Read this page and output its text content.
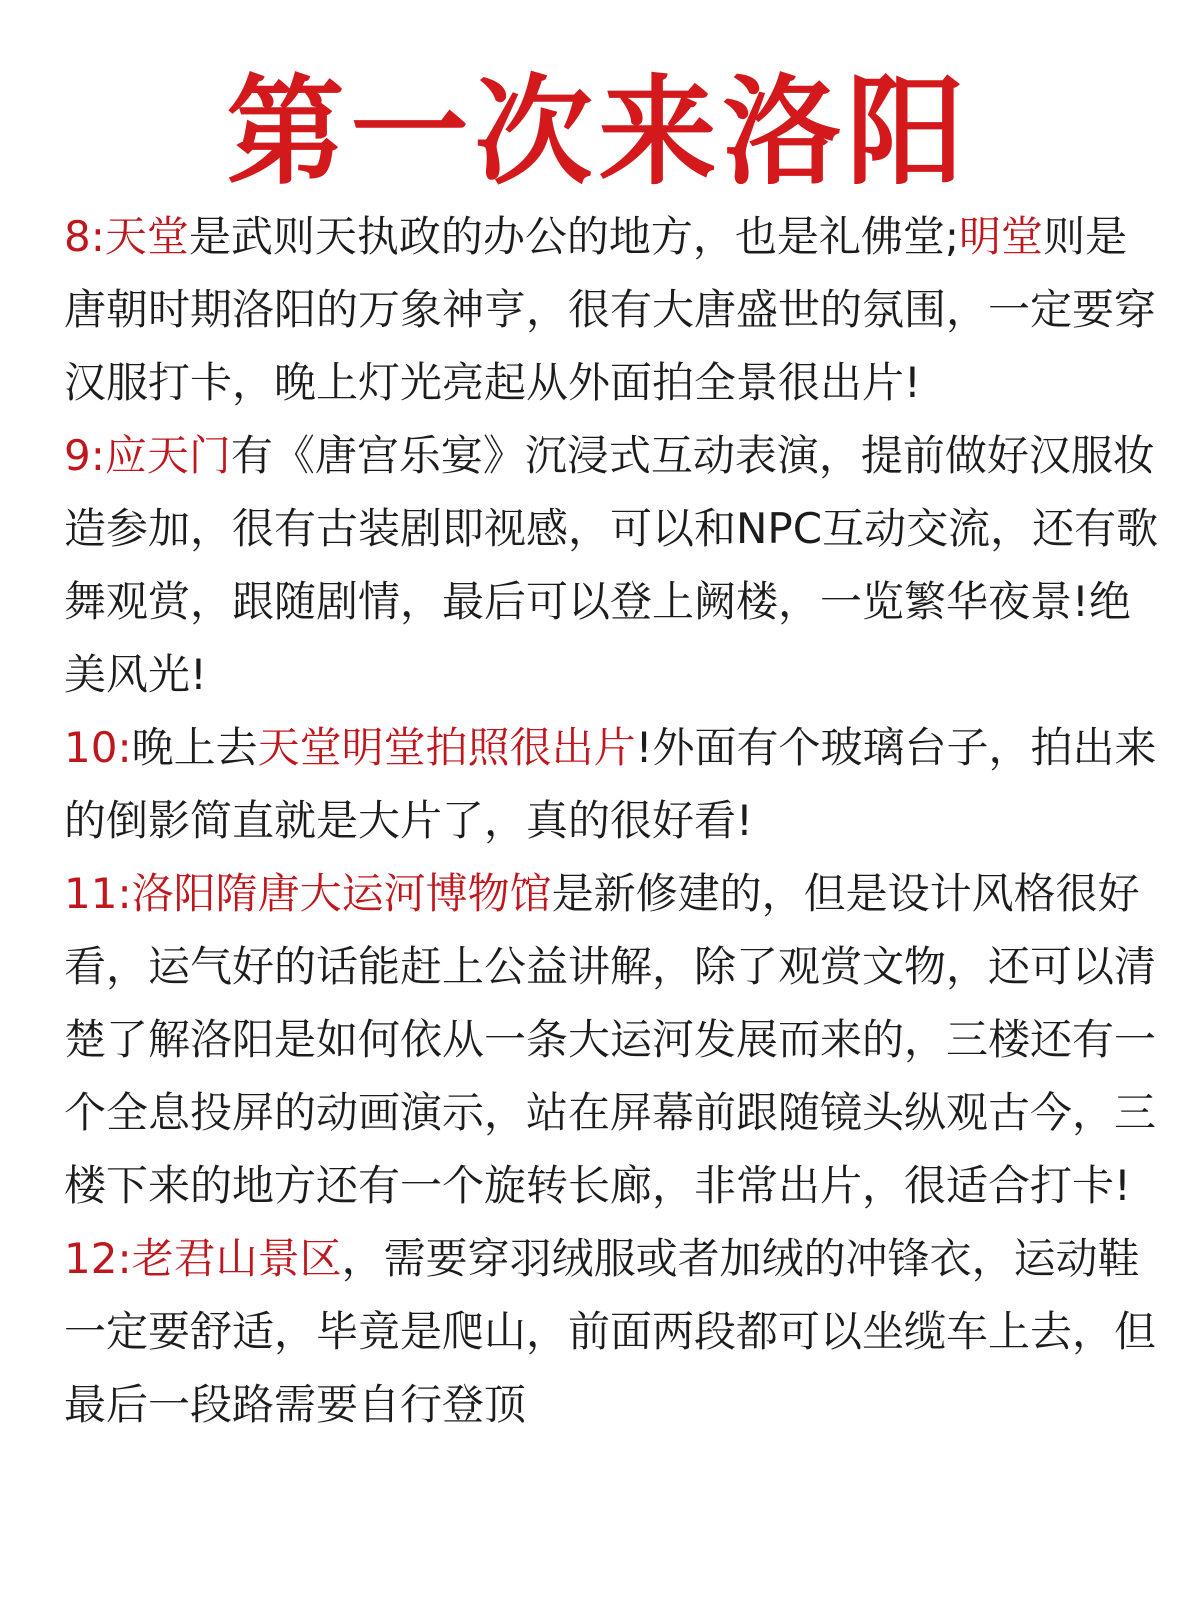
第一次来洛阳

8:天堂是武则天执政的办公的地方，也是礼佛堂;明堂则是唐朝时期洛阳的万象神亨，很有大唐盛世的氛围，一定要穿汉服打卡，晚上灯光亮起从外面拍全景很出片!

9:应天门有《唐宫乐宴》沉浸式互动表演，提前做好汉服妆造参加，很有古装剧即视感，可以和NPC互动交流，还有歌舞观赏，跟随剧情，最后可以登上阙楼，一览繁华夜景!绝美风光!

10:晚上去天堂明堂拍照很出片!外面有个玻璃台子，拍出来的倒影简直就是大片了，真的很好看!

11:洛阳隋唐大运河博物馆是新修建的，但是设计风格很好看，运气好的话能赶上公益讲解，除了观赏文物，还可以清楚了解洛阳是如何依从一条大运河发展而来的，三楼还有一个全息投屏的动画演示，站在屏幕前跟随镜头纵观古今，三楼下来的地方还有一个旋转长廊，非常出片，很适合打卡!

12:老君山景区，需要穿羽绒服或者加绒的冲锋衣，运动鞋一定要舒适，毕竟是爬山，前面两段都可以坐缆车上去，但最后一段路需要自行登顶
